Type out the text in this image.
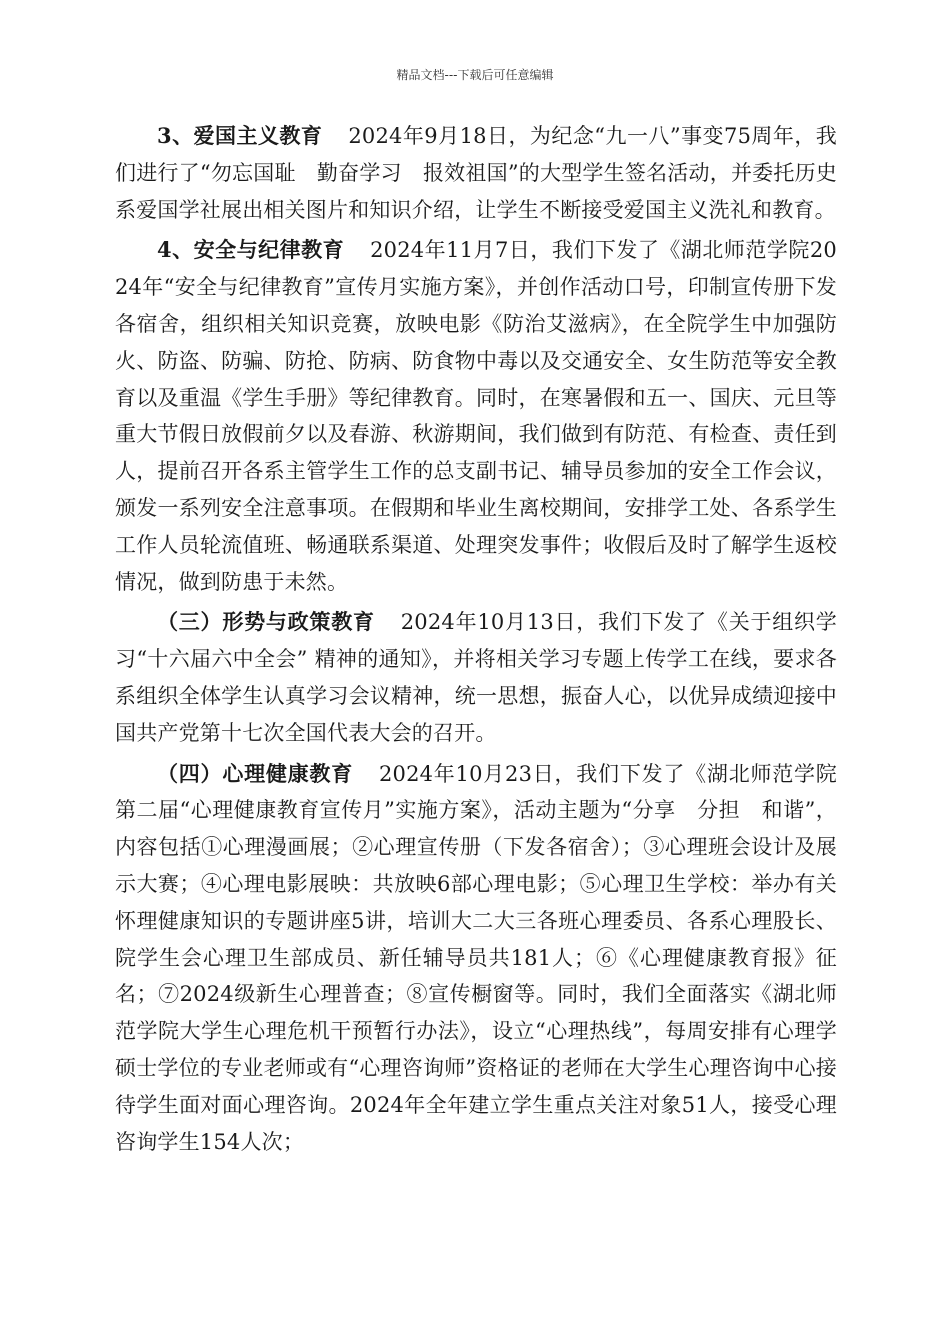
精品文档---下载后可任意编辑

3、爱国主义教育 2024年9月18日，为纪念“九一八”事变75周年，我们进行了“勿忘国耻　勤奋学习　报效祖国”的大型学生签名活动，并委托历史系爱国学社展出相关图片和知识介绍，让学生不断接受爱国主义洗礼和教育。

4、安全与纪律教育 2024年11月7日，我们下发了《湖北师范学院2024年“安全与纪律教育”宣传月实施方案》，并创作活动口号，印制宣传册下发各宿舍，组织相关知识竞赛，放映电影《防治艾滋病》，在全院学生中加强防火、防盗、防骗、防抢、防病、防食物中毒以及交通安全、女生防范等安全教育以及重温《学生手册》等纪律教育。同时，在寒暑假和五一、国庆、元旦等重大节假日放假前夕以及春游、秋游期间，我们做到有防范、有检查、责任到人，提前召开各系主管学生工作的总支副书记、辅导员参加的安全工作会议，颁发一系列安全注意事项。在假期和毕业生离校期间，安排学工处、各系学生工作人员轮流值班、畅通联系渠道、处理突发事件；收假后及时了解学生返校情况，做到防患于未然。

（三）形势与政策教育 2024年10月13日，我们下发了《关于组织学习“十六届六中全会” 精神的通知》，并将相关学习专题上传学工在线，要求各系组织全体学生认真学习会议精神，统一思想，振奋人心，以优异成绩迎接中国共产党第十七次全国代表大会的召开。

（四）心理健康教育 2024年10月23日，我们下发了《湖北师范学院第二届“心理健康教育宣传月”实施方案》，活动主题为“分享　分担　和谐”，内容包括①心理漫画展；②心理宣传册（下发各宿舍）；③心理班会设计及展示大赛；④心理电影展映：共放映6部心理电影；⑤心理卫生学校：举办有关怀理健康知识的专题讲座5讲，培训大二大三各班心理委员、各系心理股长、院学生会心理卫生部成员、新任辅导员共181人；⑥《心理健康教育报》征名；⑦2024级新生心理普查；⑧宣传橱窗等。同时，我们全面落实《湖北师范学院大学生心理危机干预暂行办法》，设立“心理热线”，每周安排有心理学硕士学位的专业老师或有“心理咨询师”资格证的老师在大学生心理咨询中心接待学生面对面心理咨询。2024年全年建立学生重点关注对象51人，接受心理咨询学生154人次；
